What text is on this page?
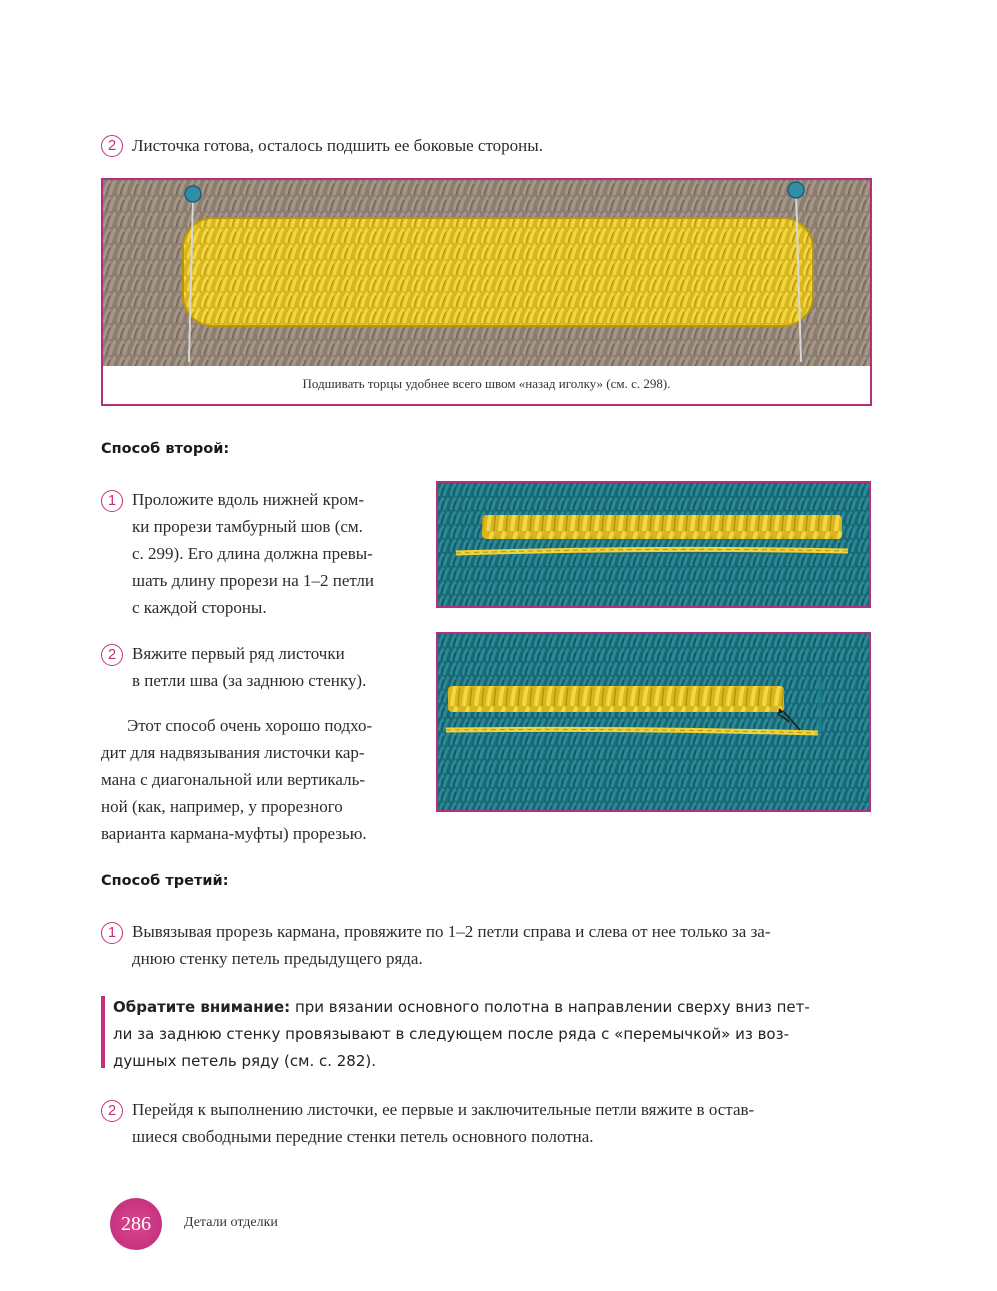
2 Листочка готова, осталось подшить ее боковые стороны.
Подшивать торцы удобнее всего швом «назад иголку» (см. с. 298).
Способ второй:
1 Проложите вдоль нижней кром-
ки прорези тамбурный шов (см.
с. 299). Его длина должна превы-
шать длину прорези на 1–2 петли
с каждой стороны.
2 Вяжите первый ряд листочки
в петли шва (за заднюю стенку).
Этот способ очень хорошо подхо-
дит для надвязывания листочки кар-
мана с диагональной или вертикаль-
ной (как, например, у прорезного
варианта кармана-муфты) прорезью.
Способ третий:
1 Вывязывая прорезь кармана, провяжите по 1–2 петли справа и слева от нее только за за-
днюю стенку петель предыдущего ряда.
Обратите внимание: при вязании основного полотна в направлении сверху вниз пет-
ли за заднюю стенку провязывают в следующем после ряда с «перемычкой» из воз-
душных петель ряду (см. с. 282).
2 Перейдя к выполнению листочки, ее первые и заключительные петли вяжите в остав-
шиеся свободными передние стенки петель основного полотна.
286	Детали отделки
